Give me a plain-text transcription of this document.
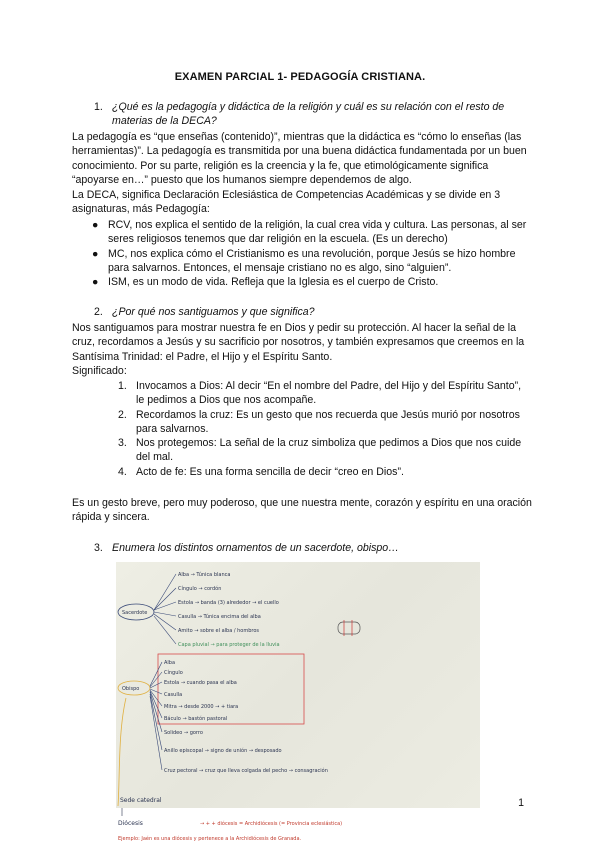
EXAMEN PARCIAL 1- PEDAGOGÍA CRISTIANA.
1. ¿Qué es la pedagogía y didáctica de la religión y cuál es su relación con el resto de
materias de la DECA?
La pedagogía es “que enseñas (contenido)”, mientras que la didáctica es “cómo lo enseñas (las herramientas)”. La pedagogía es transmitida por una buena didáctica fundamentada por un buen conocimiento. Por su parte, religión es la creencia y la fe, que etimológicamente significa “apoyarse en…” puesto que los humanos siempre dependemos de algo.
La DECA, significa Declaración Eclesiástica de Competencias Académicas y se divide en 3 asignaturas, más Pedagogía:
● RCV, nos explica el sentido de la religión, la cual crea vida y cultura. Las personas, al ser seres religiosos tenemos que dar religión en la escuela. (Es un derecho)
● MC, nos explica cómo el Cristianismo es una revolución, porque Jesús se hizo hombre para salvarnos. Entonces, el mensaje cristiano no es algo, sino “alguien”.
● ISM, es un modo de vida. Refleja que la Iglesia es el cuerpo de Cristo.
2. ¿Por qué nos santiguamos y que significa?
Nos santiguamos para mostrar nuestra fe en Dios y pedir su protección. Al hacer la señal de la cruz, recordamos a Jesús y su sacrificio por nosotros, y también expresamos que creemos en la Santísima Trinidad: el Padre, el Hijo y el Espíritu Santo.
Significado:
1. Invocamos a Dios: Al decir “En el nombre del Padre, del Hijo y del Espíritu Santo”, le pedimos a Dios que nos acompañe.
2. Recordamos la cruz: Es un gesto que nos recuerda que Jesús murió por nosotros para salvarnos.
3. Nos protegemos: La señal de la cruz simboliza que pedimos a Dios que nos cuide del mal.
4. Acto de fe: Es una forma sencilla de decir “creo en Dios”.
Es un gesto breve, pero muy poderoso, que une nuestra mente, corazón y espíritu en una oración rápida y sincera.
3. Enumera los distintos ornamentos de un sacerdote, obispo…
Sacerdote
Alba → Túnica blanca
Cíngulo → cordón
Estola → banda (3) alrededor → el cuello
Casulla → Túnica encima del alba
Amito → sobre el alba / hombros
Capa pluvial → para proteger de la lluvia
Obispo
Alba
Cíngulo
Estola → cuando pasa el alba
Casulla
Mitra → desde 2000 → + tiara
Báculo → bastón pastoral
Solideo → gorro
Anillo episcopal → signo de unión → desposado
Cruz pectoral → cruz que lleva colgada del pecho → consagración
Sede catedral
Diócesis	→ + + diócesis = Archidiócesis (= Provincia eclesiástica)
Ejemplo: Jaén es una diócesis y pertenece a la Archidiócesis de Granada.
1
